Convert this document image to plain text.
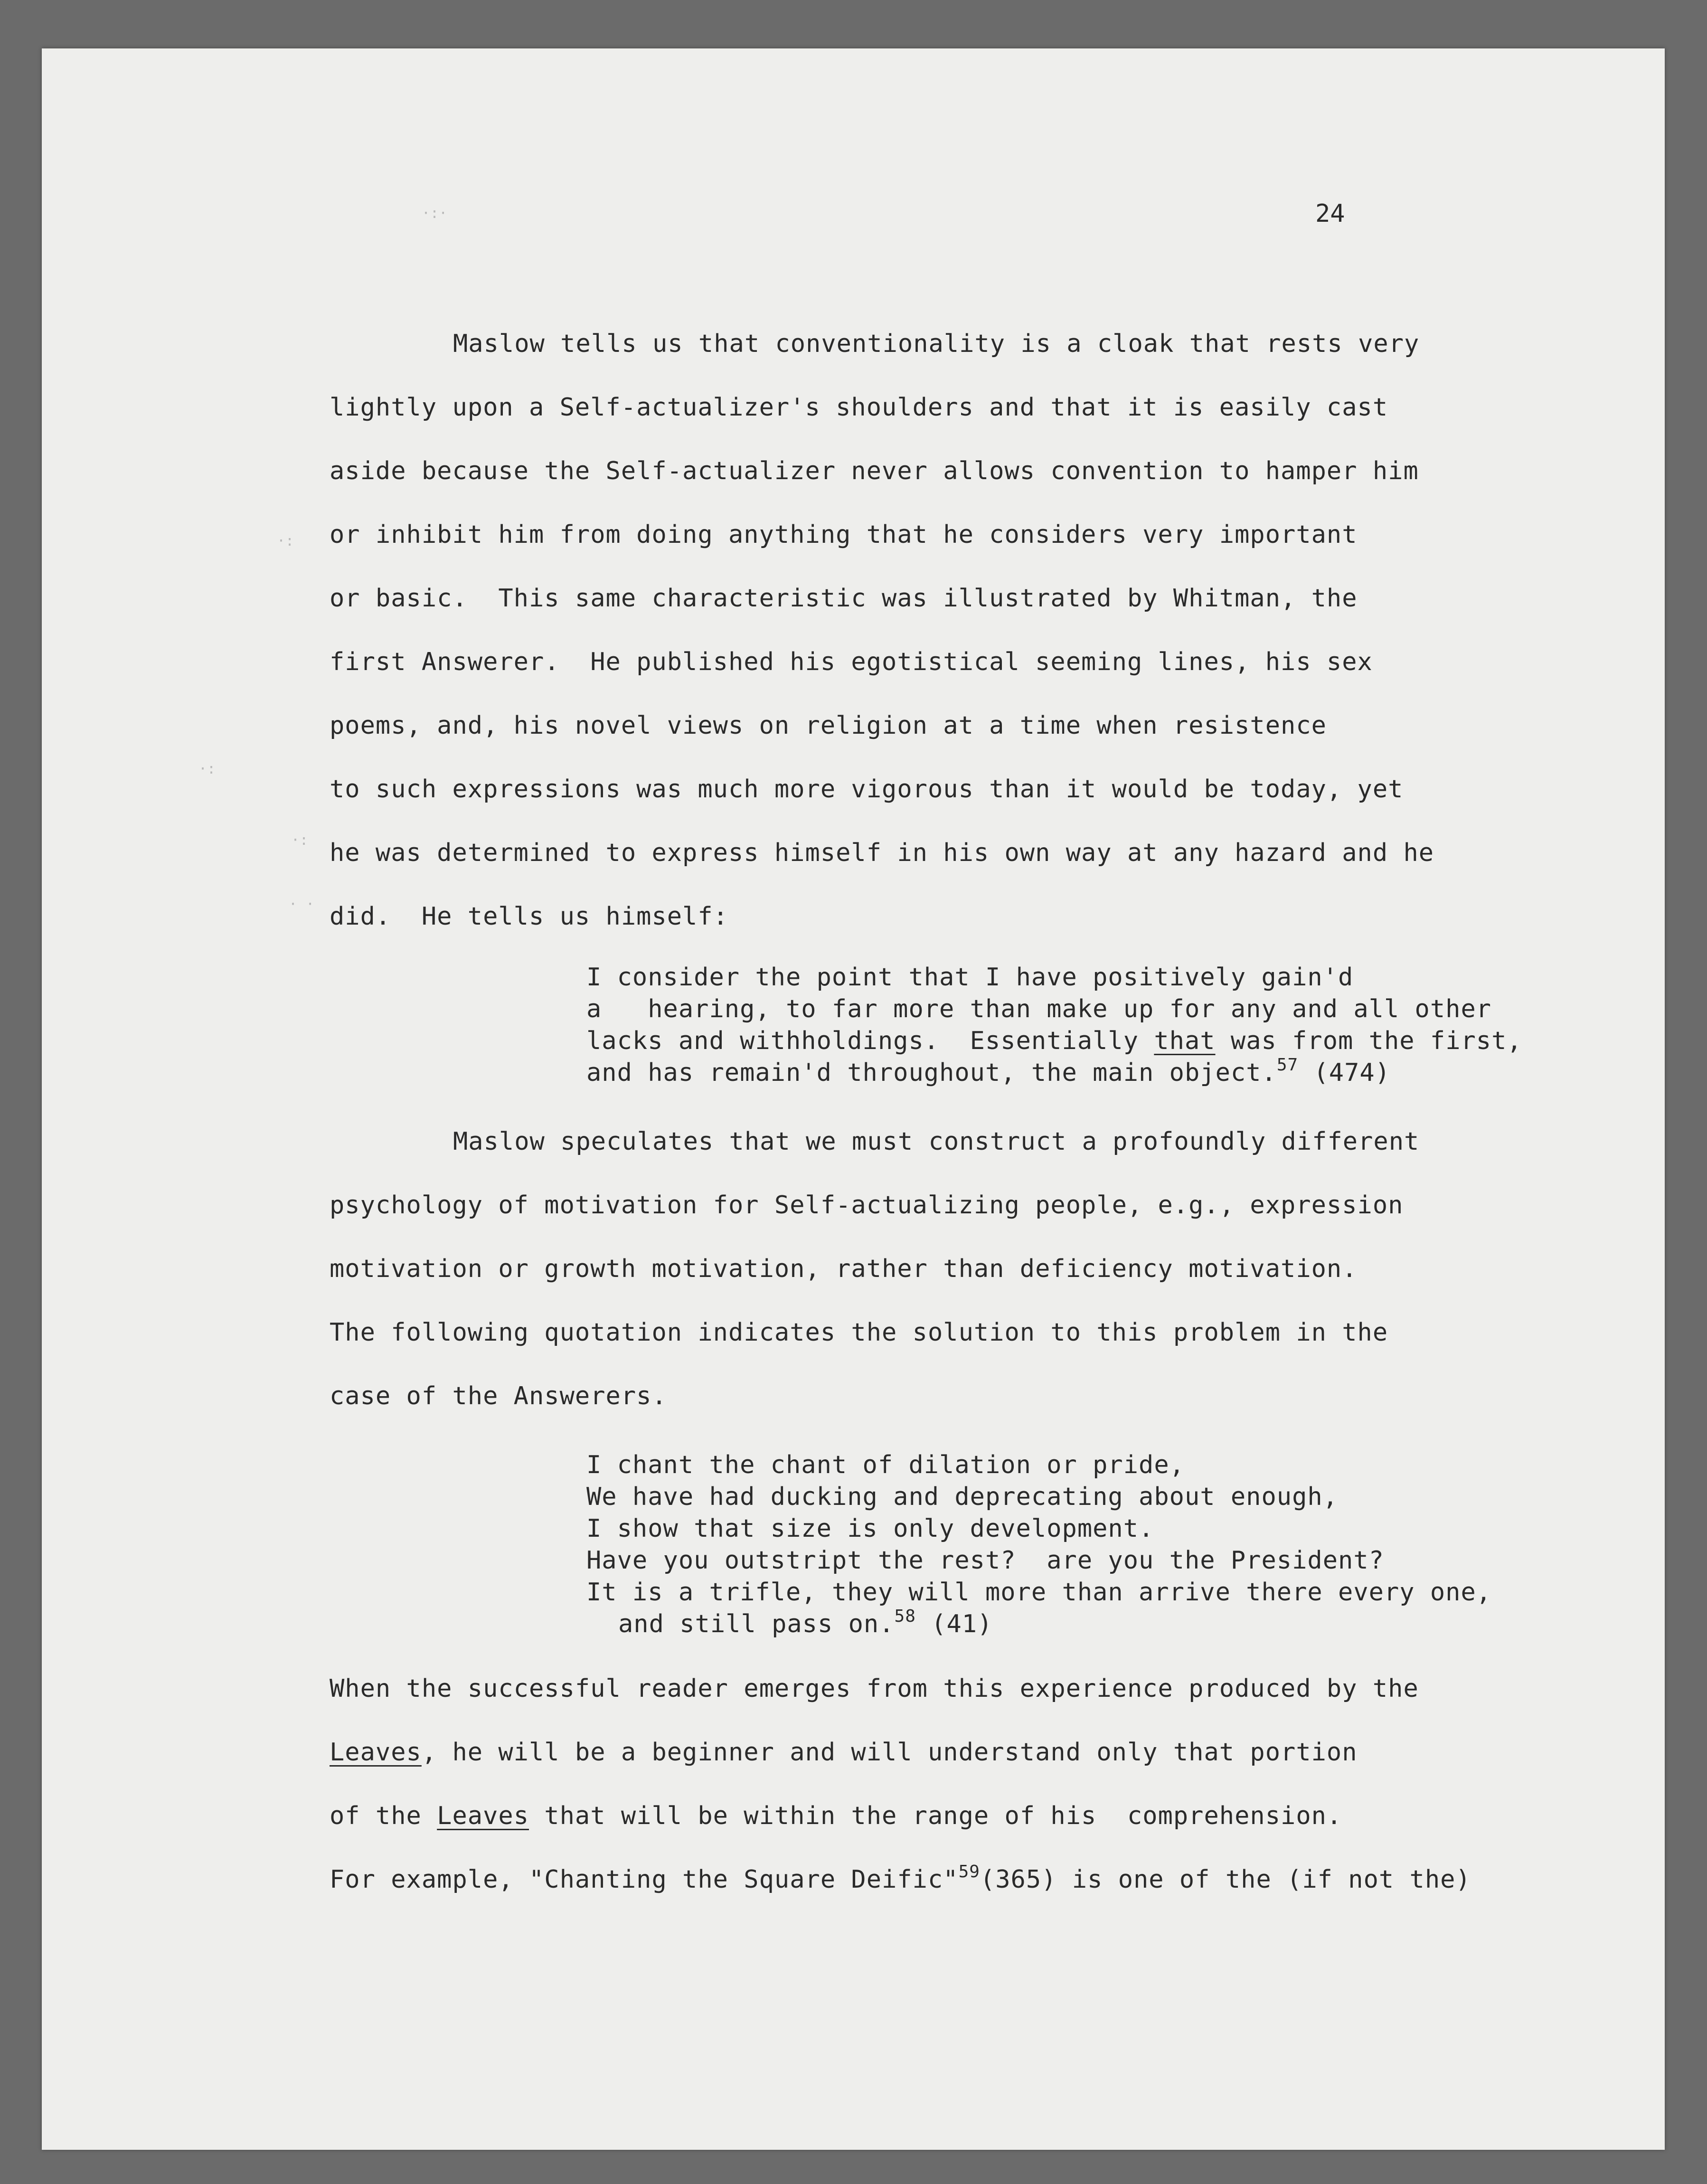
24
·:·
·:
·:
·:
· ·
Maslow tells us that conventionality is a cloak that rests very
lightly upon a Self-actualizer's shoulders and that it is easily cast
aside because the Self-actualizer never allows convention to hamper him
or inhibit him from doing anything that he considers very important
or basic.  This same characteristic was illustrated by Whitman, the
first Answerer.  He published his egotistical seeming lines, his sex
poems, and, his novel views on religion at a time when resistence
to such expressions was much more vigorous than it would be today, yet
he was determined to express himself in his own way at any hazard and he
did.  He tells us himself:
I consider the point that I have positively gain'd
a   hearing, to far more than make up for any and all other
lacks and withholdings.  Essentially that was from the first,
and has remain'd throughout, the main object.$^{57}$ (474)
Maslow speculates that we must construct a profoundly different
psychology of motivation for Self-actualizing people, e.g., expression
motivation or growth motivation, rather than deficiency motivation.
The following quotation indicates the solution to this problem in the
case of the Answerers.
I chant the chant of dilation or pride,
We have had ducking and deprecating about enough,
I show that size is only development.
Have you outstript the rest?  are you the President?
It is a trifle, they will more than arrive there every one,
and still pass on.$^{58}$ (41)
When the successful reader emerges from this experience produced by the
Leaves, he will be a beginner and will understand only that portion
of the Leaves that will be within the range of his  comprehension.
For example, "Chanting the Square Deific"$^{59}$(365) is one of the (if not the)
